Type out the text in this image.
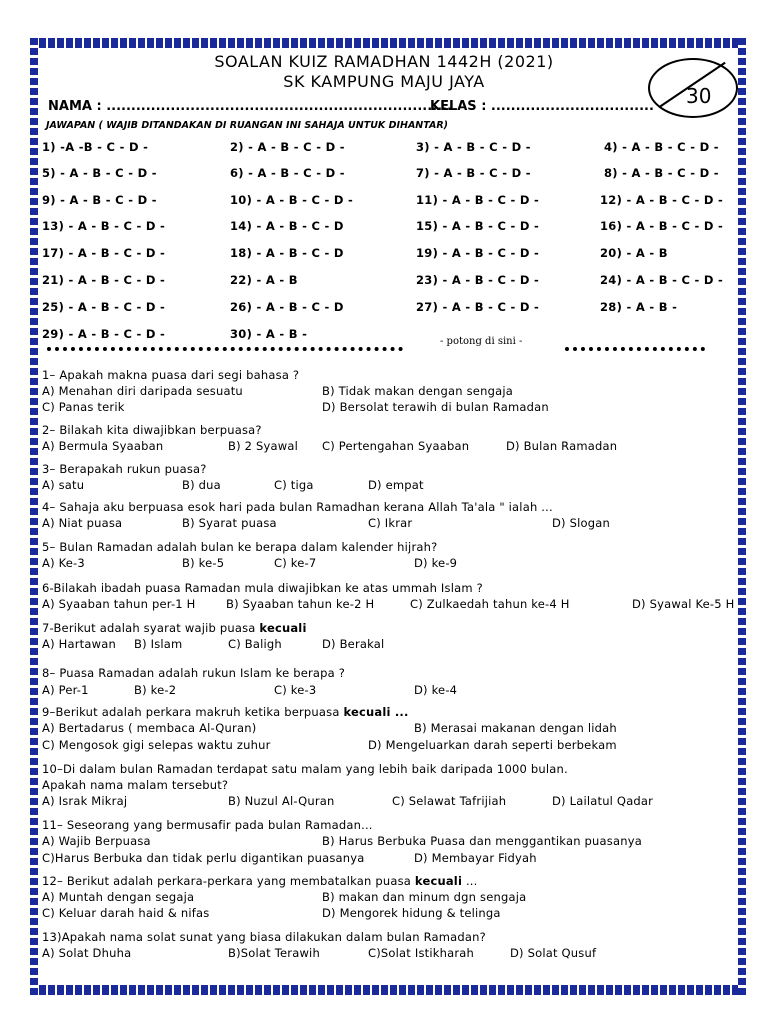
SOALAN KUIZ RAMADHAN 1442H (2021)
SK KAMPUNG MAJU JAYA
30
NAMA : ......................................................................
KELAS : .................................
JAWAPAN ( WAJIB DITANDAKAN DI RUANGAN INI SAHAJA UNTUK DIHANTAR)
1) -A -B - C - D -	2) - A - B - C - D -	3) - A - B - C - D -	4) - A - B - C - D -
5) - A - B - C - D -	6) - A - B - C - D -	7) - A - B - C - D -	8) - A - B - C - D -
9) - A - B - C - D -	10) - A - B - C - D -	11) - A - B - C - D -	12) - A - B - C - D -
13) - A - B - C - D -	14) - A - B - C - D	15) - A - B - C - D -	16) - A - B - C - D -
17) - A - B - C - D -	18) - A - B - C - D	19) - A - B - C - D -	20) - A - B
21) - A - B - C - D -	22) - A - B	23) - A - B - C - D -	24) - A - B - C - D -
25) - A - B - C - D -	26) - A - B - C - D	27) - A - B - C - D -	28) - A - B -
29) - A - B - C - D -	30) - A - B -
- potong di sini -
1– Apakah makna puasa dari segi bahasa ?
A) Menahan diri daripada sesuatu	B) Tidak makan dengan sengaja
C) Panas terik	D) Bersolat terawih di bulan Ramadan
2– Bilakah kita diwajibkan berpuasa?
A) Bermula Syaaban	B) 2 Syawal C) Pertengahan Syaaban	D) Bulan Ramadan
3– Berapakah rukun puasa?
A) satu	B) dua	C) tiga	D) empat
4– Sahaja aku berpuasa esok hari pada bulan Ramadhan kerana Allah Ta'ala " ialah ...
A) Niat puasa	B) Syarat puasa	C) Ikrar	D) Slogan
5– Bulan Ramadan adalah bulan ke berapa dalam kalender hijrah?
A) Ke-3	B) ke-5	C) ke-7	D) ke-9
6-Bilakah ibadah puasa Ramadan mula diwajibkan ke atas ummah Islam ?
A) Syaaban tahun per-1 H	B) Syaaban tahun ke-2 H	C) Zulkaedah tahun ke-4 H	D) Syawal Ke-5 H
7-Berikut adalah syarat wajib puasa kecuali
A) Hartawan B) Islam	C) Baligh	D) Berakal
8– Puasa Ramadan adalah rukun Islam ke berapa ?
A) Per-1	B) ke-2	C) ke-3	D) ke-4
9–Berikut adalah perkara makruh ketika berpuasa kecuali ...
A) Bertadarus ( membaca Al-Quran)	B) Merasai makanan dengan lidah
C) Mengosok gigi selepas waktu zuhur	D) Mengeluarkan darah seperti berbekam
10–Di dalam bulan Ramadan terdapat satu malam yang lebih baik daripada 1000 bulan.
Apakah nama malam tersebut?
A) Israk Mikraj	B) Nuzul Al-Quran	C) Selawat Tafrijiah	D) Lailatul Qadar
11– Seseorang yang bermusafir pada bulan Ramadan...
A) Wajib Berpuasa	B) Harus Berbuka Puasa dan menggantikan puasanya
C)Harus Berbuka dan tidak perlu digantikan puasanya	D) Membayar Fidyah
12– Berikut adalah perkara-perkara yang membatalkan puasa kecuali ...
A) Muntah dengan segaja	B) makan dan minum dgn sengaja
C) Keluar darah haid & nifas	D) Mengorek hidung & telinga
13)Apakah nama solat sunat yang biasa dilakukan dalam bulan Ramadan?
A) Solat Dhuha	B)Solat Terawih	C)Solat Istikharah	D) Solat Qusuf
